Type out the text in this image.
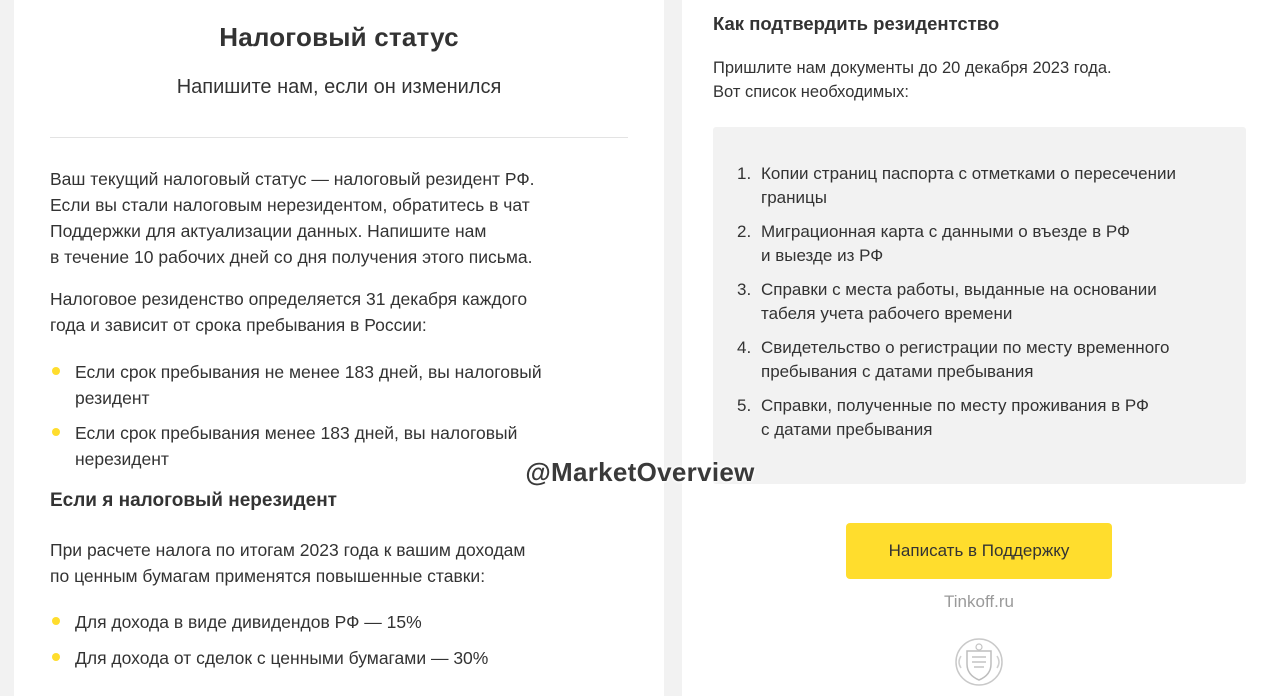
Налоговый статус
Напишите нам, если он изменился
Ваш текущий налоговый статус — налоговый резидент РФ.
Если вы стали налоговым нерезидентом, обратитесь в чат
Поддержки для актуализации данных. Напишите нам
в течение 10 рабочих дней со дня получения этого письма.
Налоговое резиденство определяется 31 декабря каждого
года и зависит от срока пребывания в России:
Если срок пребывания не менее 183 дней, вы налоговый
резидент
Если срок пребывания менее 183 дней, вы налоговый
нерезидент
Если я налоговый нерезидент
При расчете налога по итогам 2023 года к вашим доходам
по ценным бумагам применятся повышенные ставки:
Для дохода в виде дивидендов РФ — 15%
Для дохода от сделок с ценными бумагами — 30%
Как подтвердить резидентство
Пришлите нам документы до 20 декабря 2023 года.
Вот список необходимых:
1. Копии страниц паспорта с отметками о пересечении
границы
2. Миграционная карта с данными о въезде в РФ
и выезде из РФ
3. Справки с места работы, выданные на основании
табеля учета рабочего времени
4. Свидетельство о регистрации по месту временного
пребывания с датами пребывания
5. Справки, полученные по месту проживания в РФ
с датами пребывания
Написать в Поддержку
Tinkoff.ru
@MarketOverview
